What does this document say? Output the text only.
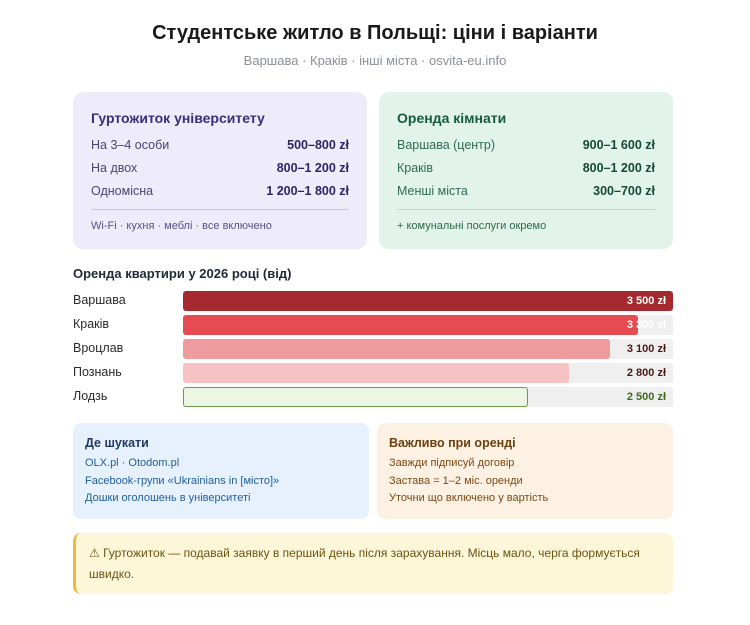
Студентське житло в Польщі: ціни і варіанти
Варшава · Краків · інші міста · osvita-eu.info
Гуртожиток університету
На 3–4 особи	500–800 zł
На двох	800–1 200 zł
Одномісна	1 200–1 800 zł
Wi-Fi · кухня · меблі · все включено
Оренда кімнати
Варшава (центр)	900–1 600 zł
Краків	800–1 200 zł
Менші міста	300–700 zł
+ комунальні послуги окремо
Оренда квартири у 2026 році (від)
Варшава	3 500 zł
Краків	3 300 zł
Вроцлав	3 100 zł
Познань	2 800 zł
Лодзь	2 500 zł
Де шукати
OLX.pl · Otodom.pl
Facebook-групи «Ukrainians in [місто]»
Дошки оголошень в університеті
Важливо при оренді
Завжди підписуй договір
Застава = 1–2 міс. оренди
Уточни що включено у вартість
⚠ Гуртожиток — подавай заявку в перший день після зарахування. Місць мало, черга формується швидко.
